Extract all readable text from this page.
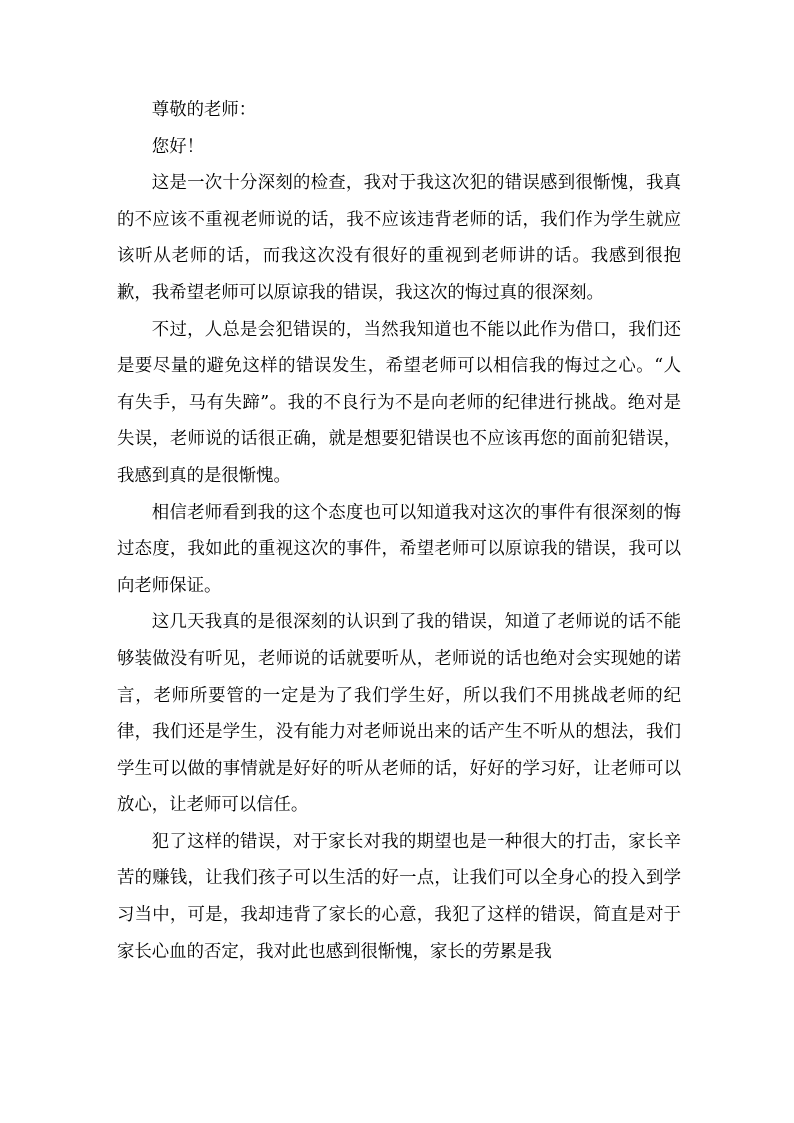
尊敬的老师：

您好！

这是一次十分深刻的检查，我对于我这次犯的错误感到很惭愧，我真的不应该不重视老师说的话，我不应该违背老师的话，我们作为学生就应该听从老师的话，而我这次没有很好的重视到老师讲的话。我感到很抱歉，我希望老师可以原谅我的错误，我这次的悔过真的很深刻。

不过，人总是会犯错误的，当然我知道也不能以此作为借口，我们还是要尽量的避免这样的错误发生，希望老师可以相信我的悔过之心。“人有失手，马有失蹄”。我的不良行为不是向老师的纪律进行挑战。绝对是失误，老师说的话很正确，就是想要犯错误也不应该再您的面前犯错误，我感到真的是很惭愧。

相信老师看到我的这个态度也可以知道我对这次的事件有很深刻的悔过态度，我如此的重视这次的事件，希望老师可以原谅我的错误，我可以向老师保证。

这几天我真的是很深刻的认识到了我的错误，知道了老师说的话不能够装做没有听见，老师说的话就要听从，老师说的话也绝对会实现她的诺言，老师所要管的一定是为了我们学生好，所以我们不用挑战老师的纪律，我们还是学生，没有能力对老师说出来的话产生不听从的想法，我们学生可以做的事情就是好好的听从老师的话，好好的学习好，让老师可以放心，让老师可以信任。

犯了这样的错误，对于家长对我的期望也是一种很大的打击，家长辛苦的赚钱，让我们孩子可以生活的好一点，让我们可以全身心的投入到学习当中，可是，我却违背了家长的心意，我犯了这样的错误，简直是对于家长心血的否定，我对此也感到很惭愧，家长的劳累是我
